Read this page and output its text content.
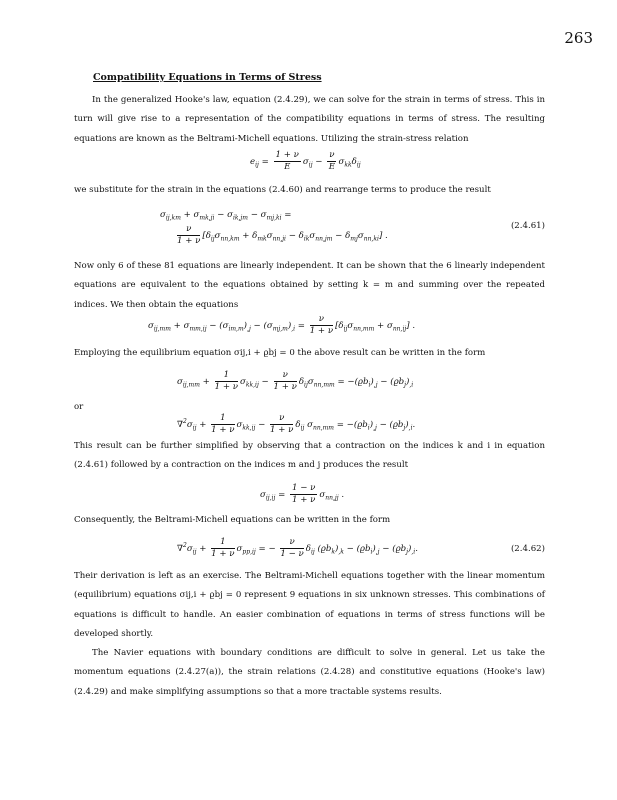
263
Compatibility Equations in Terms of Stress
In the generalized Hooke's law, equation (2.4.29), we can solve for the strain in terms of stress. This in turn will give rise to a representation of the compatibility equations in terms of stress. The resulting equations are known as the Beltrami-Michell equations. Utilizing the strain-stress relation
$e_{ij} = \frac{1 + \nu}{E} \sigma_{ij} - \frac{\nu}{E} \sigma_{kk}\delta_{ij}$
we substitute for the strain in the equations (2.4.60) and rearrange terms to produce the result
$\sigma_{ij,km} + \sigma_{mk,ji} - \sigma_{ik,jm} - \sigma_{mj,ki}$ =
$\frac{\nu}{1 + \nu} [\delta_{ij}\sigma_{nn,km} + \delta_{mk}\sigma_{nn,ji} - \delta_{ik}\sigma_{nn,jm} - \delta_{mj}\sigma_{nn,ki}]$ .
(2.4.61)
Now only 6 of these 81 equations are linearly independent. It can be shown that the 6 linearly independent equations are equivalent to the equations obtained by setting k = m and summing over the repeated indices. We then obtain the equations
$\sigma_{ij,mm} + \sigma_{mm,ij} - (\sigma_{im,m})_{,j} - (\sigma_{mj,m})_{,i} = \frac{\nu}{1 + \nu} [\delta_{ij}\sigma_{nn,mm} + \sigma_{nn,ij}]$ .
Employing the equilibrium equation σij,i + ϱbj = 0 the above result can be written in the form
$\sigma_{ij,mm} + \frac{1}{1 + \nu} \sigma_{kk,ij} - \frac{\nu}{1 + \nu} \delta_{ij}\sigma_{nn,mm} = -(ϱb_i)_{,j} - (ϱb_j)_{,i}$
or
$\nabla^2\sigma_{ij} + \frac{1}{1 + \nu} \sigma_{kk,ij} - \frac{\nu}{1 + \nu} \delta_{ij}$ $\sigma_{nn,mm} = -(ϱb_i)_{,j} - (ϱb_j)_{,i}$.
This result can be further simplified by observing that a contraction on the indices k and i in equation (2.4.61) followed by a contraction on the indices m and j produces the result
$\sigma_{ij,ij} = \frac{1 - \nu}{1 + \nu} \sigma_{nn,jj}$ .
Consequently, the Beltrami-Michell equations can be written in the form
$\nabla^2\sigma_{ij} + \frac{1}{1 + \nu} \sigma_{pp,ij}$ = − $\frac{\nu}{1 - \nu} \delta_{ij}$ $(ϱb_k)_{,k} - (ϱb_i)_{,j} - (ϱb_j)_{,i}$.	(2.4.62)
Their derivation is left as an exercise. The Beltrami-Michell equations together with the linear momentum (equilibrium) equations σij,i + ϱbj = 0 represent 9 equations in six unknown stresses. This combinations of equations is difficult to handle. An easier combination of equations in terms of stress functions will be developed shortly.
The Navier equations with boundary conditions are difficult to solve in general. Let us take the momentum equations (2.4.27(a)), the strain relations (2.4.28) and constitutive equations (Hooke's law) (2.4.29) and make simplifying assumptions so that a more tractable systems results.
